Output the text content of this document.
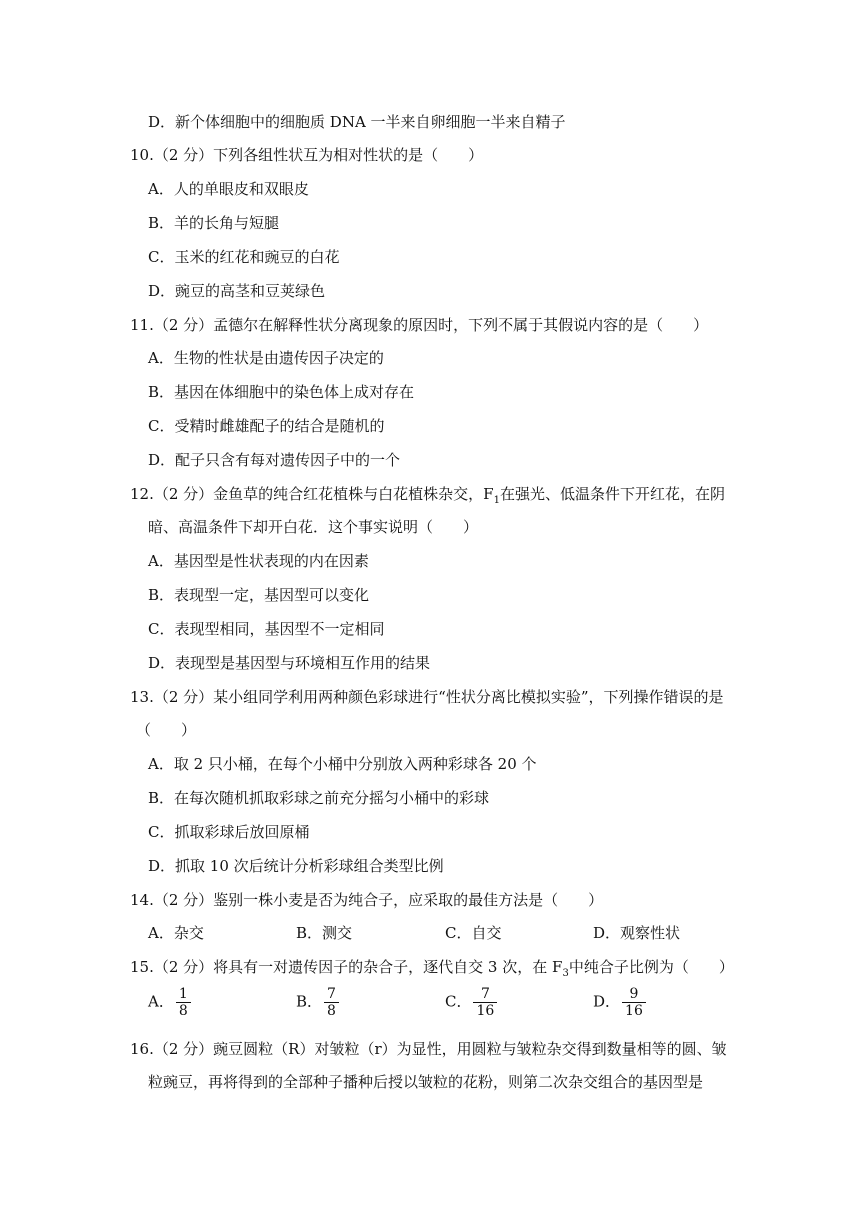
D．新个体细胞中的细胞质 DNA 一半来自卵细胞一半来自精子
10.（2 分）下列各组性状互为相对性状的是（　　）
A．人的单眼皮和双眼皮
B．羊的长角与短腿
C．玉米的红花和豌豆的白花
D．豌豆的高茎和豆荚绿色
11.（2 分）孟德尔在解释性状分离现象的原因时，下列不属于其假说内容的是（　　）
A．生物的性状是由遗传因子决定的
B．基因在体细胞中的染色体上成对存在
C．受精时雌雄配子的结合是随机的
D．配子只含有每对遗传因子中的一个
12.（2 分）金鱼草的纯合红花植株与白花植株杂交，$F_1$在强光、低温条件下开红花，在阴
暗、高温条件下却开白花．这个事实说明（　　）
A．基因型是性状表现的内在因素
B．表现型一定，基因型可以变化
C．表现型相同，基因型不一定相同
D．表现型是基因型与环境相互作用的结果
13.（2 分）某小组同学利用两种颜色彩球进行“性状分离比模拟实验”，下列操作错误的是
（　　）
A．取 2 只小桶，在每个小桶中分别放入两种彩球各 20 个
B．在每次随机抓取彩球之前充分摇匀小桶中的彩球
C．抓取彩球后放回原桶
D．抓取 10 次后统计分析彩球组合类型比例
14.（2 分）鉴别一株小麦是否为纯合子，应采取的最佳方法是（　　）
A．杂交	B．测交	C．自交	D．观察性状
15.（2 分）将具有一对遗传因子的杂合子，逐代自交 3 次，在 $F_3$中纯合子比例为（　　）
A． $\frac{1}{8}$	B． $\frac{7}{8}$	C． $\frac{7}{16}$	D． $\frac{9}{16}$
16.（2 分）豌豆圆粒（R）对皱粒（r）为显性，用圆粒与皱粒杂交得到数量相等的圆、皱
粒豌豆，再将得到的全部种子播种后授以皱粒的花粉，则第二次杂交组合的基因型是
